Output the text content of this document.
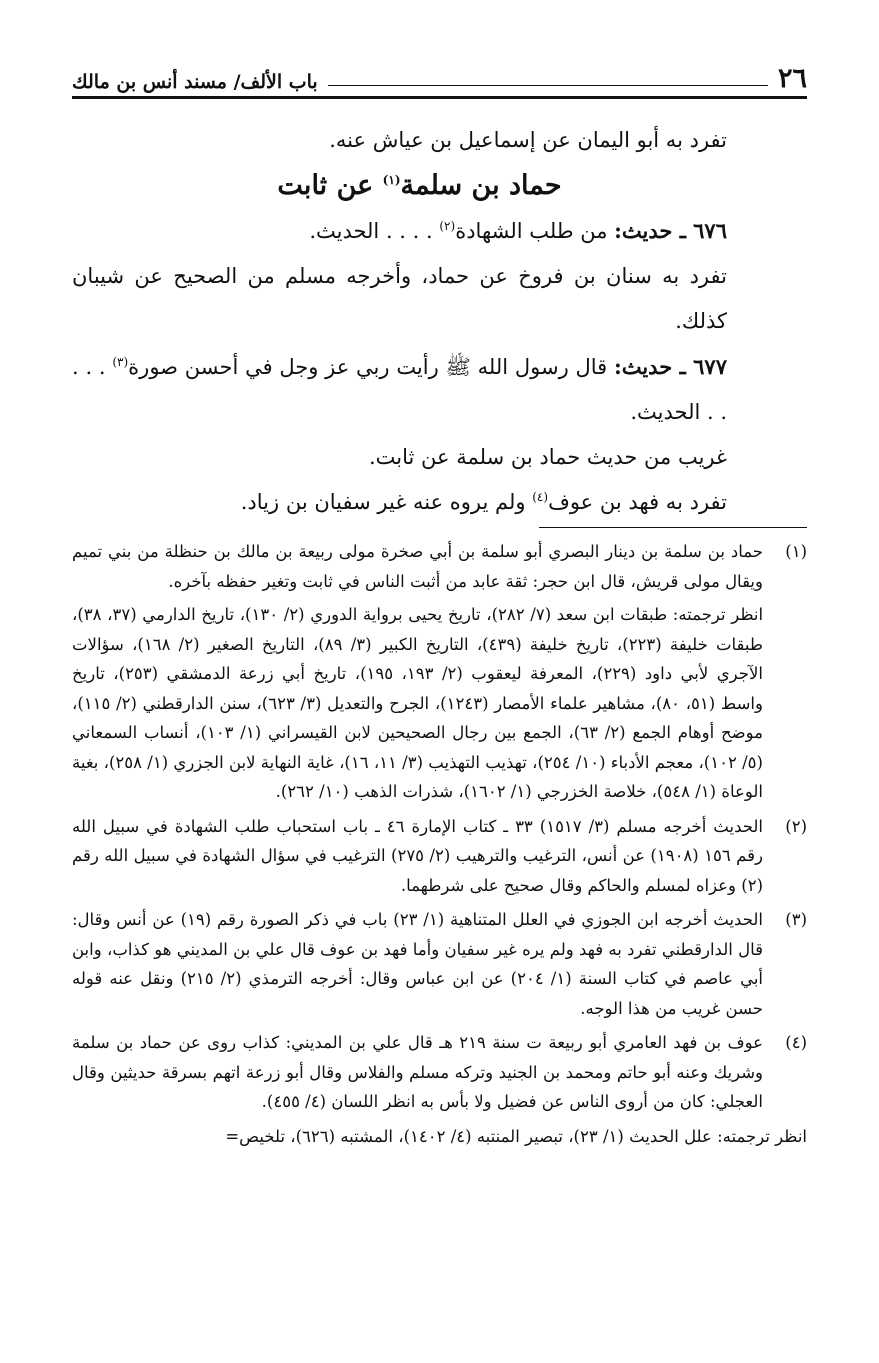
٢٦
باب الألف/ مسند أنس بن مالك

تفرد به أبو اليمان عن إسماعيل بن عياش عنه.

حماد بن سلمة$^{(١)}$ عن ثابت

٦٧٦ ـ حديث: من طلب الشهادة$^{(٢)}$ . . . . الحديث.

تفرد به سنان بن فروخ عن حماد، وأخرجه مسلم من الصحيح عن شيبان كذلك.

٦٧٧ ـ حديث: قال رسول الله ﷺ رأيت ربي عز وجل في أحسن صورة$^{(٣)}$ . . . . . الحديث.

غريب من حديث حماد بن سلمة عن ثابت.

تفرد به فهد بن عوف$^{(٤)}$ ولم يروه عنه غير سفيان بن زياد.

(١)

حماد بن سلمة بن دينار البصري أبو سلمة بن أبي صخرة مولى ربيعة بن مالك بن حنظلة من بني تميم ويقال مولى قريش، قال ابن حجر: ثقة عابد من أثبت الناس في ثابت وتغير حفظه بآخره.

انظر ترجمته: طبقات ابن سعد (٧/ ٢٨٢)، تاريخ يحيى برواية الدوري (٢/ ١٣٠)، تاريخ الدارمي (٣٧، ٣٨)، طبقات خليفة (٢٢٣)، تاريخ خليفة (٤٣٩)، التاريخ الكبير (٣/ ٨٩)، التاريخ الصغير (٢/ ١٦٨)، سؤالات الآجري لأبي داود (٢٢٩)، المعرفة ليعقوب (٢/ ١٩٣، ١٩٥)، تاريخ أبي زرعة الدمشقي (٢٥٣)، تاريخ واسط (٥١، ٨٠)، مشاهير علماء الأمصار (١٢٤٣)، الجرح والتعديل (٣/ ٦٢٣)، سنن الدارقطني (٢/ ١١٥)، موضح أوهام الجمع (٢/ ٦٣)، الجمع بين رجال الصحيحين لابن القيسراني (١/ ١٠٣)، أنساب السمعاني (٥/ ١٠٢)، معجم الأدباء (١٠/ ٢٥٤)، تهذيب التهذيب (٣/ ١١، ١٦)، غاية النهاية لابن الجزري (١/ ٢٥٨)، بغية الوعاة (١/ ٥٤٨)، خلاصة الخزرجي (١/ ١٦٠٢)، شذرات الذهب (١٠/ ٢٦٢).

(٢)

الحديث أخرجه مسلم (٣/ ١٥١٧) ٣٣ ـ كتاب الإمارة ٤٦ ـ باب استحباب طلب الشهادة في سبيل الله رقم ١٥٦ (١٩٠٨) عن أنس، الترغيب والترهيب (٢/ ٢٧٥) الترغيب في سؤال الشهادة في سبيل الله رقم (٢) وعزاه لمسلم والحاكم وقال صحيح على شرطهما.

(٣)

الحديث أخرجه ابن الجوزي في العلل المتناهية (١/ ٢٣) باب في ذكر الصورة رقم (١٩) عن أنس وقال: قال الدارقطني تفرد به فهد ولم يره غير سفيان وأما فهد بن عوف قال علي بن المديني هو كذاب، وابن أبي عاصم في كتاب السنة (١/ ٢٠٤) عن ابن عباس وقال: أخرجه الترمذي (٢/ ٢١٥) ونقل عنه قوله حسن غريب من هذا الوجه.

(٤)

عوف بن فهد العامري أبو ربيعة ت سنة ٢١٩ هـ قال علي بن المديني: كذاب روى عن حماد بن سلمة وشريك وعنه أبو حاتم ومحمد بن الجنيد وتركه مسلم والفلاس وقال أبو زرعة اتهم بسرقة حديثين وقال العجلي: كان من أروى الناس عن فضيل ولا بأس به انظر اللسان (٤/ ٤٥٥).

انظر ترجمته: علل الحديث (١/ ٢٣)، تبصير المنتبه (٤/ ١٤٠٢)، المشتبه (٦٢٦)، تلخيص=
